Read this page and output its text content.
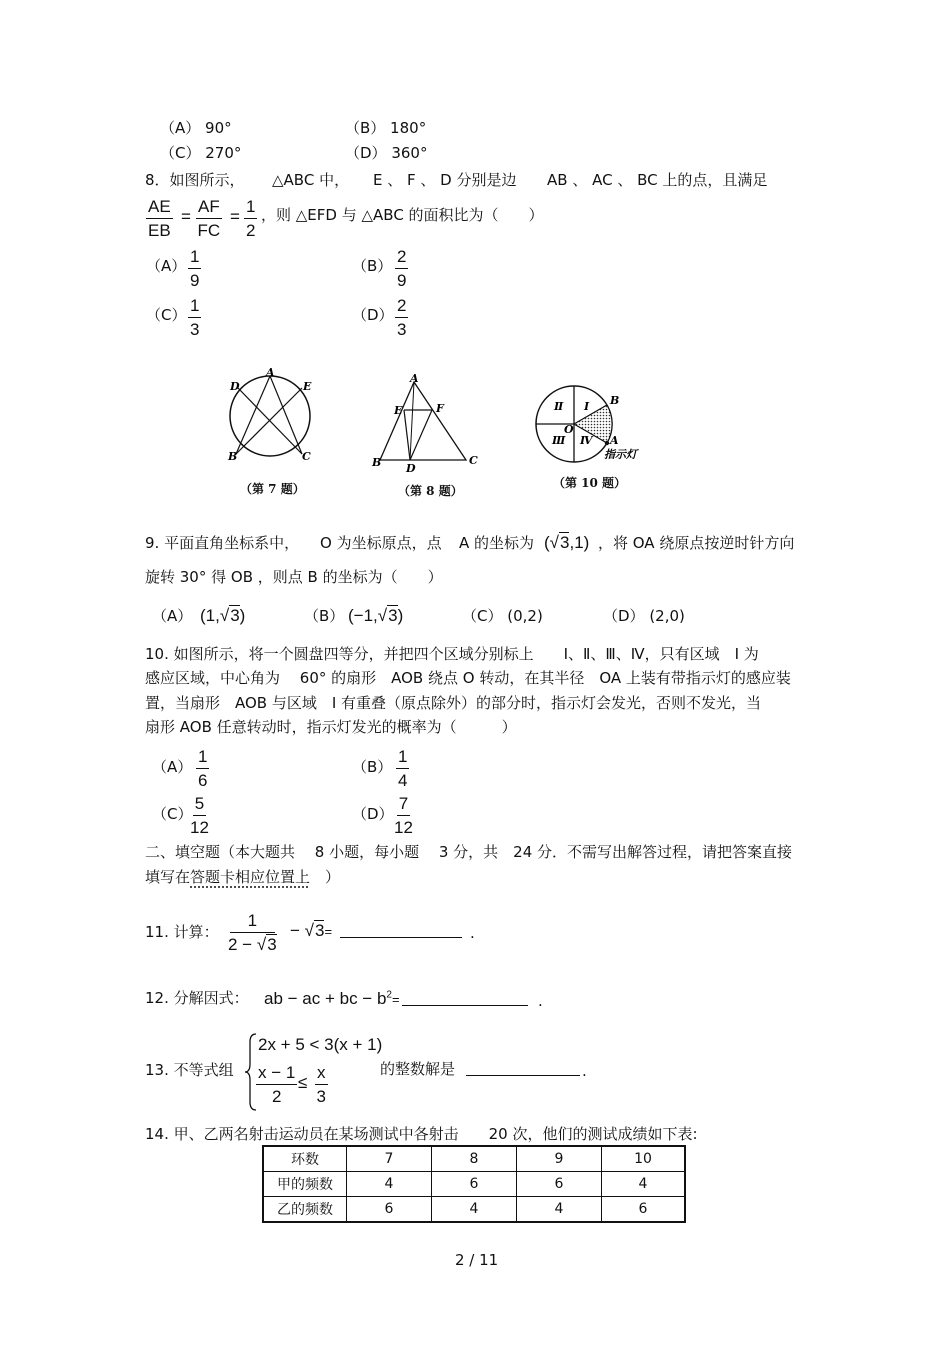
（A） 90°	（B） 180°
（C） 270°	（D） 360°
8．如图所示， △ABC 中， E 、 F 、 D 分别是边 AB 、 AC 、 BC 上的点，且满足
$\frac{AE}{EB} = \frac{AF}{FC} = \frac{1}{2}$ ，则 △EFD 与 △ABC 的面积比为（　　）
$(A) \frac{1}{9}$	$(B) \frac{2}{9}$
$(C) \frac{1}{3}$	$(D) \frac{2}{3}$
A
D	E
B	C
（第 7 题）
A
E	F
B D
C
（第 8 题）
Ⅱ Ⅰ
Ⅲ Ⅳ
O
B
A
指示灯
（第 10 题）
9. 平面直角坐标系中， O 为坐标原点，点 A 的坐标为 (√3,1) ，将 OA 绕原点按逆时针方向
旋转 30° 得 OB ，则点 B 的坐标为（　　）
（A） (1,√3)	（B） (−1,√3)	（C） (0,2)	（D） (2,0)
10. 如图所示，将一个圆盘四等分，并把四个区域分别标上　　Ⅰ、Ⅱ、Ⅲ、Ⅳ，只有区域　Ⅰ 为
感应区域，中心角为　 60° 的扇形　AOB 绕点 O 转动，在其半径　OA 上装有带指示灯的感应装
置，当扇形　AOB 与区域　Ⅰ 有重叠（原点除外）的部分时，指示灯会发光，否则不发光，当
扇形 AOB 任意转动时，指示灯发光的概率为（　　　）
$(A) \frac{1}{6}$	$(B) \frac{1}{4}$
（C）
$\frac{5}{12}$	$(D) \frac{7}{12}$
二、填空题（本大题共　 8 小题，每小题　 3 分，共　24 分．不需写出解答过程，请把答案直接
填写在答题卡相应位置上　）
11. 计算： $\frac{1}{2 - √3} - √3=$	.
12. 分解因式： ab − ac + bc − $b^2=$	.
13. 不等式组
2x + 5 < 3(x + 1)
$\frac{x - 1}{2} \le \frac{x}{3}$	的整数解是	.
14. 甲、乙两名射击运动员在某场测试中各射击　　20 次，他们的测试成绩如下表:
环数	7	8	9	10
甲的频数	4	6	6	4
乙的频数	6	4	4	6
2 / 11
